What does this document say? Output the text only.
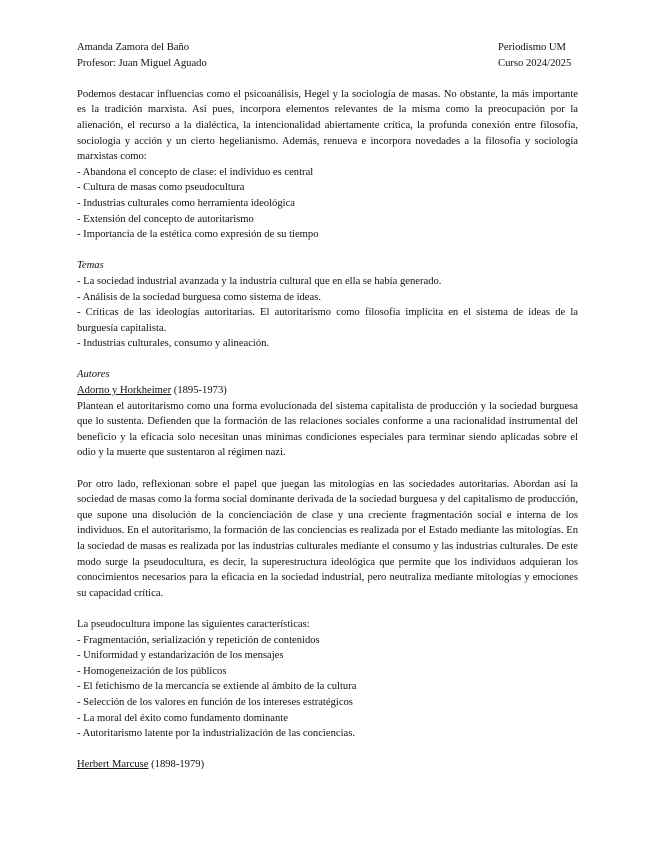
Amanda Zamora del Baño	Periodismo UM
Profesor: Juan Miguel Aguado	Curso 2024/2025

Podemos destacar influencias como el psicoanálisis, Hegel y la sociología de masas. No obstante, la más importante es la tradición marxista. Así pues, incorpora elementos relevantes de la misma como la preocupación por la alienación, el recurso a la dialéctica, la intencionalidad abiertamente crítica, la profunda conexión entre filosofía, sociología y acción y un cierto hegelianismo. Además, renueva e incorpora novedades a la filosofía y sociología marxistas como:

- Abandona el concepto de clase: el individuo es central
- Cultura de masas como pseudocultura
- Industrias culturales como herramienta ideológica
- Extensión del concepto de autoritarismo
- Importancia de la estética como expresión de su tiempo
Temas

- La sociedad industrial avanzada y la industria cultural que en ella se había generado.

- Análisis de la sociedad burguesa como sistema de ideas.

- Críticas de las ideologías autoritarias. El autoritarismo como filosofía implícita en el sistema de ideas de la burguesía capitalista.

- Industrias culturales, consumo y alineación.

Autores
Adorno y Horkheimer (1895-1973)

Plantean el autoritarismo como una forma evolucionada del sistema capitalista de producción y la sociedad burguesa que lo sustenta. Defienden que la formación de las relaciones sociales conforme a una racionalidad instrumental del beneficio y la eficacia solo necesitan unas mínimas condiciones especiales para terminar siendo aplicadas sobre el odio y la muerte que sustentaron al régimen nazi.

Por otro lado, reflexionan sobre el papel que juegan las mitologías en las sociedades autoritarias. Abordan así la sociedad de masas como la forma social dominante derivada de la sociedad burguesa y del capitalismo de producción, que supone una disolución de la concienciación de clase y una creciente fragmentación social e interna de los individuos. En el autoritarismo, la formación de las conciencias es realizada por el Estado mediante las mitologías. En la sociedad de masas es realizada por las industrias culturales mediante el consumo y las industrias culturales. De este modo surge la pseudocultura, es decir, la superestructura ideológica que permite que los individuos adquieran los conocimientos necesarios para la eficacia en la sociedad industrial, pero neutraliza mediante mitologías y emociones su capacidad crítica.

La pseudocultura impone las siguientes características:

- Fragmentación, serialización y repetición de contenidos
- Uniformidad y estandarización de los mensajes
- Homogeneización de los públicos
- El fetichismo de la mercancía se extiende al ámbito de la cultura
- Selección de los valores en función de los intereses estratégicos
- La moral del éxito como fundamento dominante
- Autoritarismo latente por la industrialización de las conciencias.
Herbert Marcuse (1898-1979)
